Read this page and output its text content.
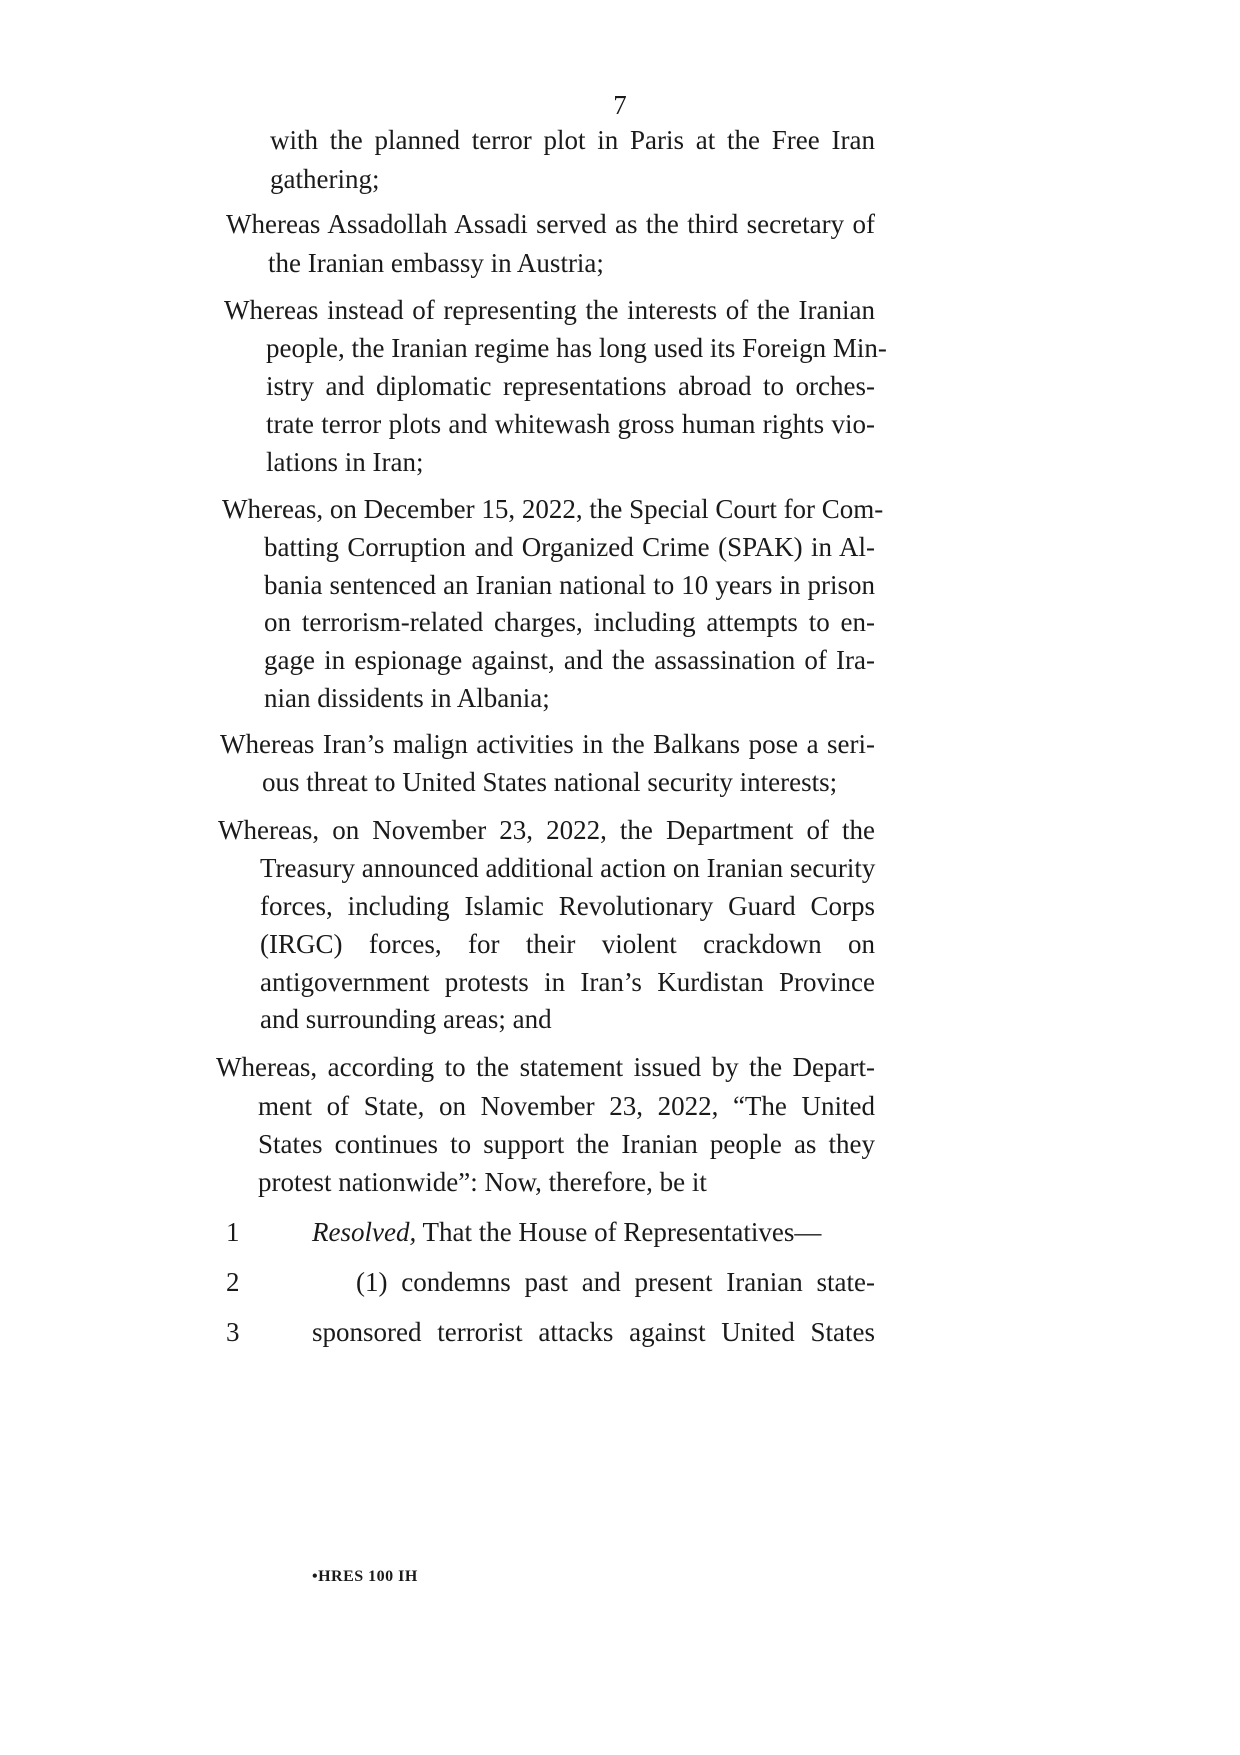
7
with the planned terror plot in Paris at the Free Iran
gathering;
Whereas Assadollah Assadi served as the third secretary of
the Iranian embassy in Austria;
Whereas instead of representing the interests of the Iranian
people, the Iranian regime has long used its Foreign Min-
istry and diplomatic representations abroad to orches-
trate terror plots and whitewash gross human rights vio-
lations in Iran;
Whereas, on December 15, 2022, the Special Court for Com-
batting Corruption and Organized Crime (SPAK) in Al-
bania sentenced an Iranian national to 10 years in prison
on terrorism-related charges, including attempts to en-
gage in espionage against, and the assassination of Ira-
nian dissidents in Albania;
Whereas Iran’s malign activities in the Balkans pose a seri-
ous threat to United States national security interests;
Whereas, on November 23, 2022, the Department of the
Treasury announced additional action on Iranian security
forces, including Islamic Revolutionary Guard Corps
(IRGC) forces, for their violent crackdown on
antigovernment protests in Iran’s Kurdistan Province
and surrounding areas; and
Whereas, according to the statement issued by the Depart-
ment of State, on November 23, 2022, “The United
States continues to support the Iranian people as they
protest nationwide”: Now, therefore, be it
1	Resolved, That the House of Representatives—
2	(1) condemns past and present Iranian state-
3	sponsored terrorist attacks against United States
•HRES 100 IH
